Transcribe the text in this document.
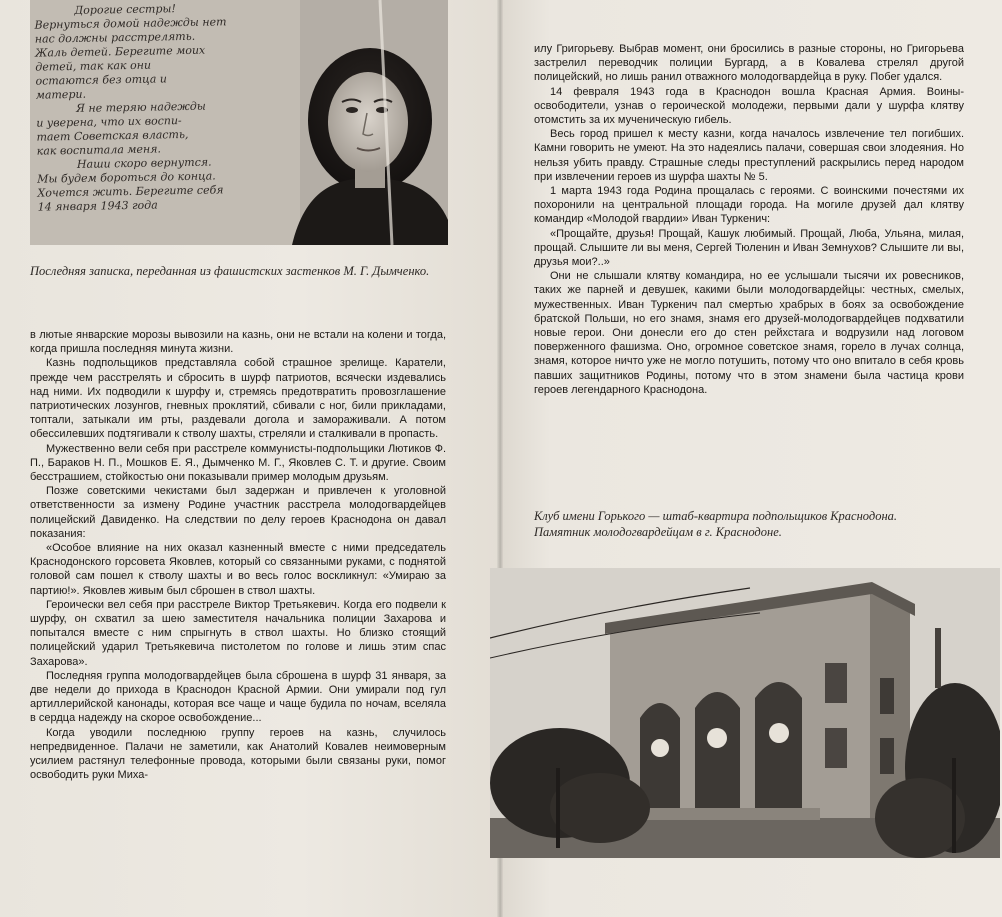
Дорогие сестры!
Вернуться домой надежды нет
нас должны расстрелять.
Жаль детей. Берегите моих
детей, так как они
остаются без отца и
матери.
Я не теряю надежды
и уверена, что их воспи-
тает Советская власть,
как воспитала меня.
Наши скоро вернутся.
Мы будем бороться до конца.
Хочется жить. Берегите себя
14 января 1943 года
Последняя записка, переданная из фашистских застенков М. Г. Дымченко.

в лютые январские морозы вывозили на казнь, они не встали на колени и тогда, когда пришла последняя минута жизни.

Казнь подпольщиков представляла собой страшное зрелище. Каратели, прежде чем расстрелять и сбросить в шурф патриотов, всячески издевались над ними. Их подводили к шурфу и, стремясь предотвратить провозглашение патриотических лозунгов, гневных проклятий, сбивали с ног, били прикладами, топтали, затыкали им рты, раздевали догола и замораживали. А потом обессилевших подтягивали к стволу шахты, стреляли и сталкивали в пропасть.

Мужественно вели себя при расстреле коммунисты-подпольщики Лютиков Ф. П., Бараков Н. П., Мошков Е. Я., Дымченко М. Г., Яковлев С. Т. и другие. Своим бесстрашием, стойкостью они показывали пример молодым друзьям.

Позже советскими чекистами был задержан и привлечен к уголовной ответственности за измену Родине участник расстрела молодогвардейцев полицейский Давиденко. На следствии по делу героев Краснодона он давал показания:

«Особое влияние на них оказал казненный вместе с ними председатель Краснодонского горсовета Яковлев, который со связанными руками, с поднятой головой сам пошел к стволу шахты и во весь голос воскликнул: «Умираю за партию!». Яковлев живым был сброшен в ствол шахты.

Героически вел себя при расстреле Виктор Третьякевич. Когда его подвели к шурфу, он схватил за шею заместителя начальника полиции Захарова и попытался вместе с ним спрыгнуть в ствол шахты. Но близко стоящий полицейский ударил Третьякевича пистолетом по голове и лишь этим спас Захарова».

Последняя группа молодогвардейцев была сброшена в шурф 31 января, за две недели до прихода в Краснодон Красной Армии. Они умирали под гул артиллерийской канонады, которая все чаще и чаще будила по ночам, вселяла в сердца надежду на скорое освобождение...

Когда уводили последнюю группу героев на казнь, случилось непредвиденное. Палачи не заметили, как Анатолий Ковалев неимоверным усилием растянул телефонные провода, которыми были связаны руки, помог освободить руки Миха-

илу Григорьеву. Выбрав момент, они бросились в разные стороны, но Григорьева застрелил переводчик полиции Бургард, а в Ковалева стрелял другой полицейский, но лишь ранил отважного молодогвардейца в руку. Побег удался.

14 февраля 1943 года в Краснодон вошла Красная Армия. Воины-освободители, узнав о героической молодежи, первыми дали у шурфа клятву отомстить за их мученическую гибель.

Весь город пришел к месту казни, когда началось извлечение тел погибших. Камни говорить не умеют. На это надеялись палачи, совершая свои злодеяния. Но нельзя убить правду. Страшные следы преступлений раскрылись перед народом при извлечении героев из шурфа шахты № 5.

1 марта 1943 года Родина прощалась с героями. С воинскими почестями их похоронили на центральной площади города. На могиле друзей дал клятву командир «Молодой гвардии» Иван Туркенич:

«Прощайте, друзья! Прощай, Кашук любимый. Прощай, Люба, Ульяна, милая, прощай. Слышите ли вы меня, Сергей Тюленин и Иван Земнухов? Слышите ли вы, друзья мои?..»

Они не слышали клятву командира, но ее услышали тысячи их ровесников, таких же парней и девушек, какими были молодогвардейцы: честных, смелых, мужественных. Иван Туркенич пал смертью храбрых в боях за освобождение братской Польши, но его знамя, знамя его друзей-молодогвардейцев подхватили новые герои. Они донесли его до стен рейхстага и водрузили над логовом поверженного фашизма. Оно, огромное советское знамя, горело в лучах солнца, знамя, которое ничто уже не могло потушить, потому что оно впитало в себя кровь павших защитников Родины, потому что в этом знамени была частица крови героев легендарного Краснодона.

Клуб имени Горького — штаб-квартира подпольщиков Краснодона.
Памятник молодогвардейцам в г. Краснодоне.
